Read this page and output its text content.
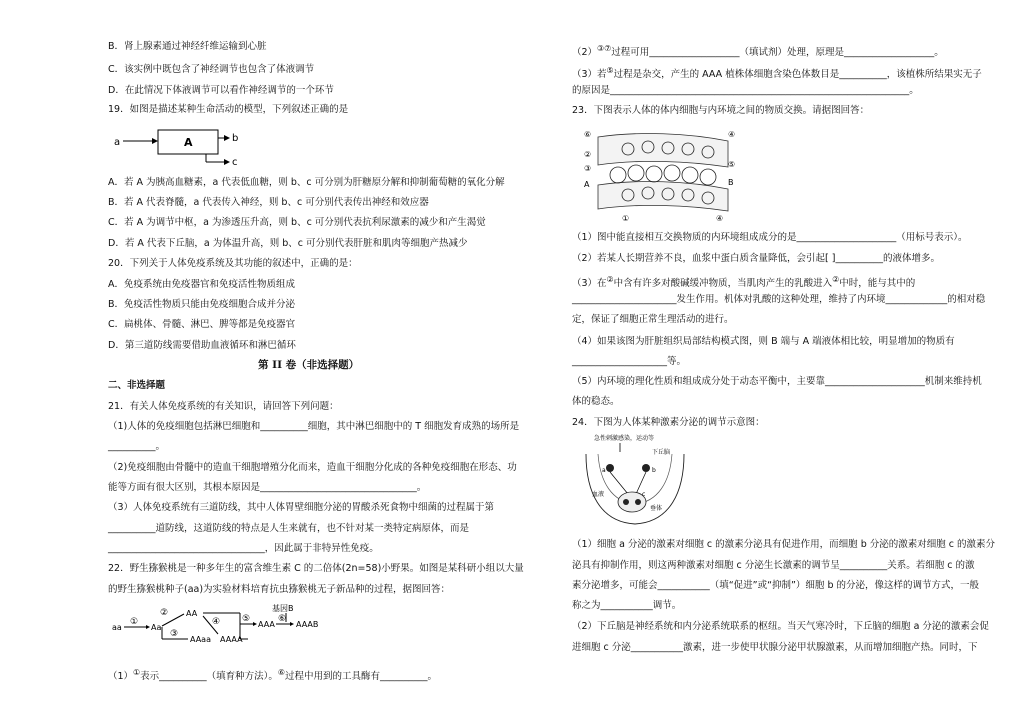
B．肾上腺素通过神经纤维运输到心脏
C．该实例中既包含了神经调节也包含了体液调节
D．在此情况下体液调节可以看作神经调节的一个环节
19．如图是描述某种生命活动的模型，下列叙述正确的是
a	A	b
c
A．若 A 为胰高血糖素，a 代表低血糖，则 b、c 可分别为肝糖原分解和抑制葡萄糖的氧化分解
B．若 A 代表脊髓，a 代表传入神经，则 b、c 可分别代表传出神经和效应器
C．若 A 为调节中枢，a 为渗透压升高，则 b、c 可分别代表抗利尿激素的减少和产生渴觉
D．若 A 代表下丘脑，a 为体温升高，则 b、c 可分别代表肝脏和肌肉等细胞产热减少
20．下列关于人体免疫系统及其功能的叙述中，正确的是：
A．免疫系统由免疫器官和免疫活性物质组成
B．免疫活性物质只能由免疫细胞合成并分泌
C．扁桃体、骨髓、淋巴、脾等都是免疫器官
D．第三道防线需要借助血液循环和淋巴循环
第 II 卷（非选择题）
二、非选择题
21．有关人体免疫系统的有关知识，请回答下列问题：
（1)人体的免疫细胞包括淋巴细胞和__________细胞，其中淋巴细胞中的 T 细胞发育成熟的场所是
__________。
（2)免疫细胞由骨髓中的造血干细胞增殖分化而来，造血干细胞分化成的各种免疫细胞在形态、功
能等方面有很大区别，其根本原因是_________________________________。
（3）人体免疫系统有三道防线，其中人体胃壁细胞分泌的胃酸杀死食物中细菌的过程属于第
__________道防线，这道防线的特点是人生来就有，也不针对某一类特定病原体，而是
_________________________________，因此属于非特异性免疫。
22．野生猕猴桃是一种多年生的富含维生素 C 的二倍体(2n=58)小野果。如图是某科研小组以大量
的野生猕猴桃种子(aa)为实验材料培育抗虫猕猴桃无子新品种的过程，据图回答：
aa
①
Aa
② AA
③
AAaa
④
AAAA
⑤
AAA
⑥
基因B
AAAB
（1）①表示__________（填育种方法）。⑥过程中用到的工具酶有__________。
（2）③⑦过程可用___________________（填试剂）处理，原理是___________________。
（3）若⑤过程是杂交，产生的 AAA 植株体细胞含染色体数目是__________，该植株所结果实无子
的原因是_______________________________________________________________。
23．下图表示人体的体内细胞与内环境之间的物质交换。请据图回答：
⑥
②
③
A
①
④
⑤
B
④
（1）图中能直接相互交换物质的内环境组成成分的是_____________________（用标号表示）。
（2）若某人长期营养不良，血浆中蛋白质含量降低，会引起[ ]__________的液体增多。
（3）在②中含有许多对酸碱缓冲物质，当肌肉产生的乳酸进入②中时，能与其中的
______________________发生作用。机体对乳酸的这种处理，维持了内环境_____________的相对稳
定，保证了细胞正常生理活动的进行。
（4）如果该图为肝脏组织局部结构模式图，则 B 端与 A 端液体相比较，明显增加的物质有
____________________等。
（5）内环境的理化性质和组成成分处于动态平衡中，主要靠_____________________机制来维持机
体的稳态。
24．下图为人体某种激素分泌的调节示意图：
急性刺激感染，运动等
下丘脑
a	b
c
垂体
血液
（1）细胞 a 分泌的激素对细胞 c 的激素分泌具有促进作用，而细胞 b 分泌的激素对细胞 c 的激素分
泌具有抑制作用，则这两种激素对细胞 c 分泌生长激素的调节呈__________关系。若细胞 c 的激
素分泌增多，可能会___________（填“促进”或“抑制”）细胞 b 的分泌，像这样的调节方式，一般
称之为___________调节。
（2）下丘脑是神经系统和内分泌系统联系的枢纽。当天气寒冷时，下丘脑的细胞 a 分泌的激素会促
进细胞 c 分泌___________激素，进一步使甲状腺分泌甲状腺激素，从而增加细胞产热。同时，下
